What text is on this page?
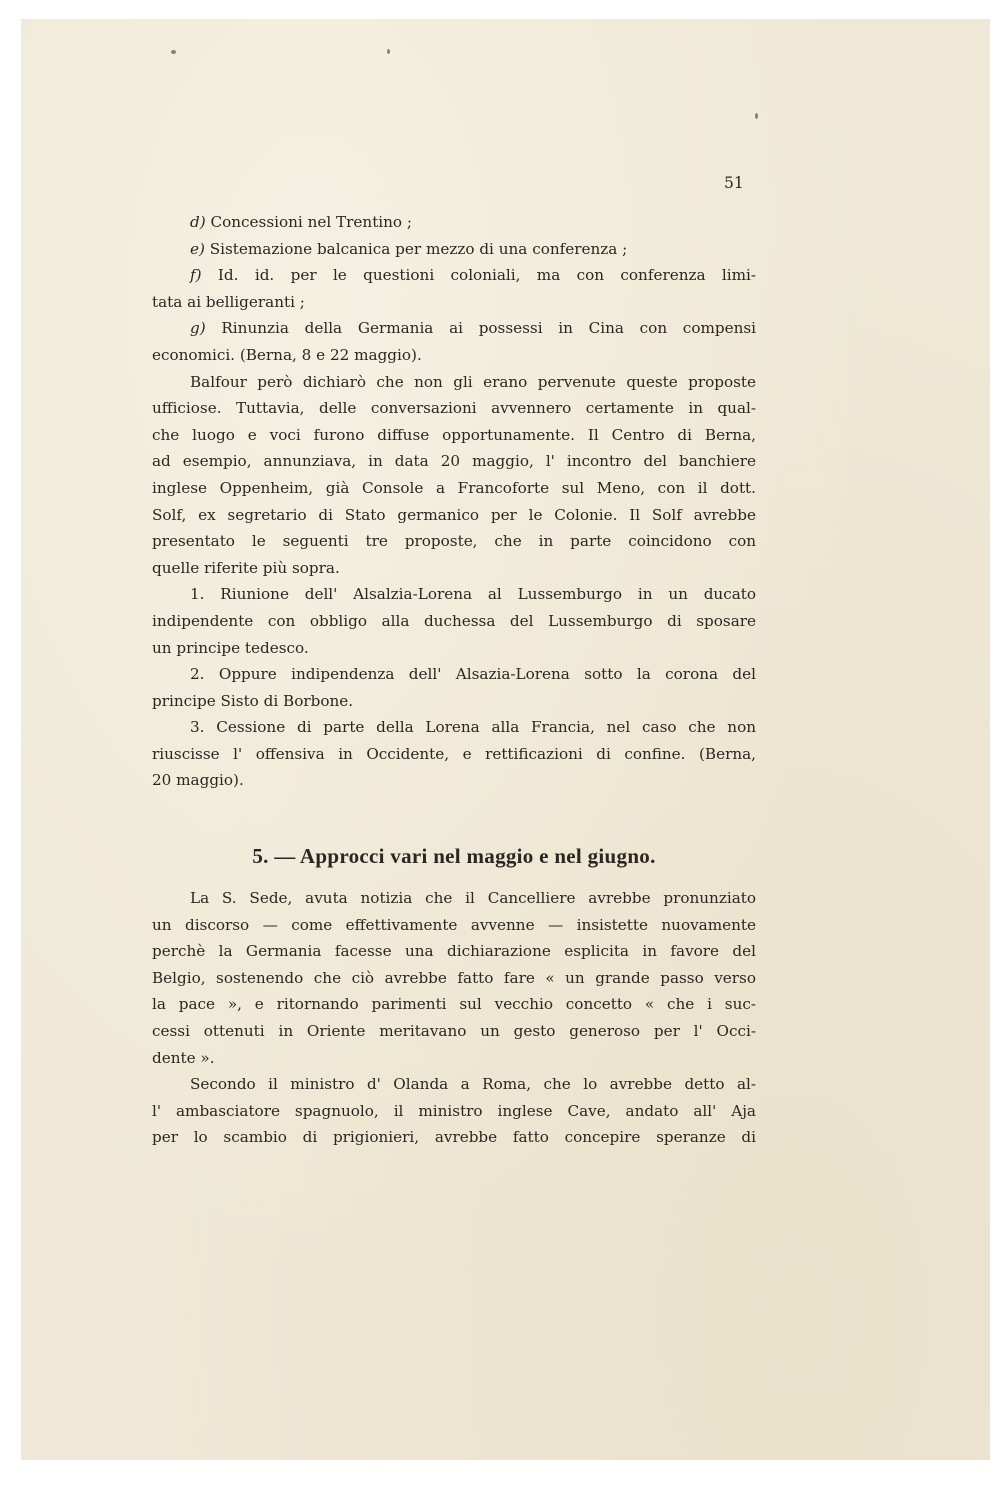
51
d) Concessioni nel Trentino ;
e) Sistemazione balcanica per mezzo di una conferenza ;
f) Id. id. per le questioni coloniali, ma con conferenza limi-
tata ai belligeranti ;
g) Rinunzia della Germania ai possessi in Cina con compensi
economici. (Berna, 8 e 22 maggio).
Balfour però dichiarò che non gli erano pervenute queste proposte
ufficiose. Tuttavia, delle conversazioni avvennero certamente in qual-
che luogo e voci furono diffuse opportunamente. Il Centro di Berna,
ad esempio, annunziava, in data 20 maggio, l' incontro del banchiere
inglese Oppenheim, già Console a Francoforte sul Meno, con il dott.
Solf, ex segretario di Stato germanico per le Colonie. Il Solf avrebbe
presentato le seguenti tre proposte, che in parte coincidono con
quelle riferite più sopra.
1. Riunione dell' Alsalzia-Lorena al Lussemburgo in un ducato
indipendente con obbligo alla duchessa del Lussemburgo di sposare
un principe tedesco.
2. Oppure indipendenza dell' Alsazia-Lorena sotto la corona del
principe Sisto di Borbone.
3. Cessione di parte della Lorena alla Francia, nel caso che non
riuscisse l' offensiva in Occidente, e rettificazioni di confine. (Berna,
20 maggio).
5. — Approcci vari nel maggio e nel giugno.
La S. Sede, avuta notizia che il Cancelliere avrebbe pronunziato
un discorso — come effettivamente avvenne — insistette nuovamente
perchè la Germania facesse una dichiarazione esplicita in favore del
Belgio, sostenendo che ciò avrebbe fatto fare « un grande passo verso
la pace », e ritornando parimenti sul vecchio concetto « che i suc-
cessi ottenuti in Oriente meritavano un gesto generoso per l' Occi-
dente ».
Secondo il ministro d' Olanda a Roma, che lo avrebbe detto al-
l' ambasciatore spagnuolo, il ministro inglese Cave, andato all' Aja
per lo scambio di prigionieri, avrebbe fatto concepire speranze di
